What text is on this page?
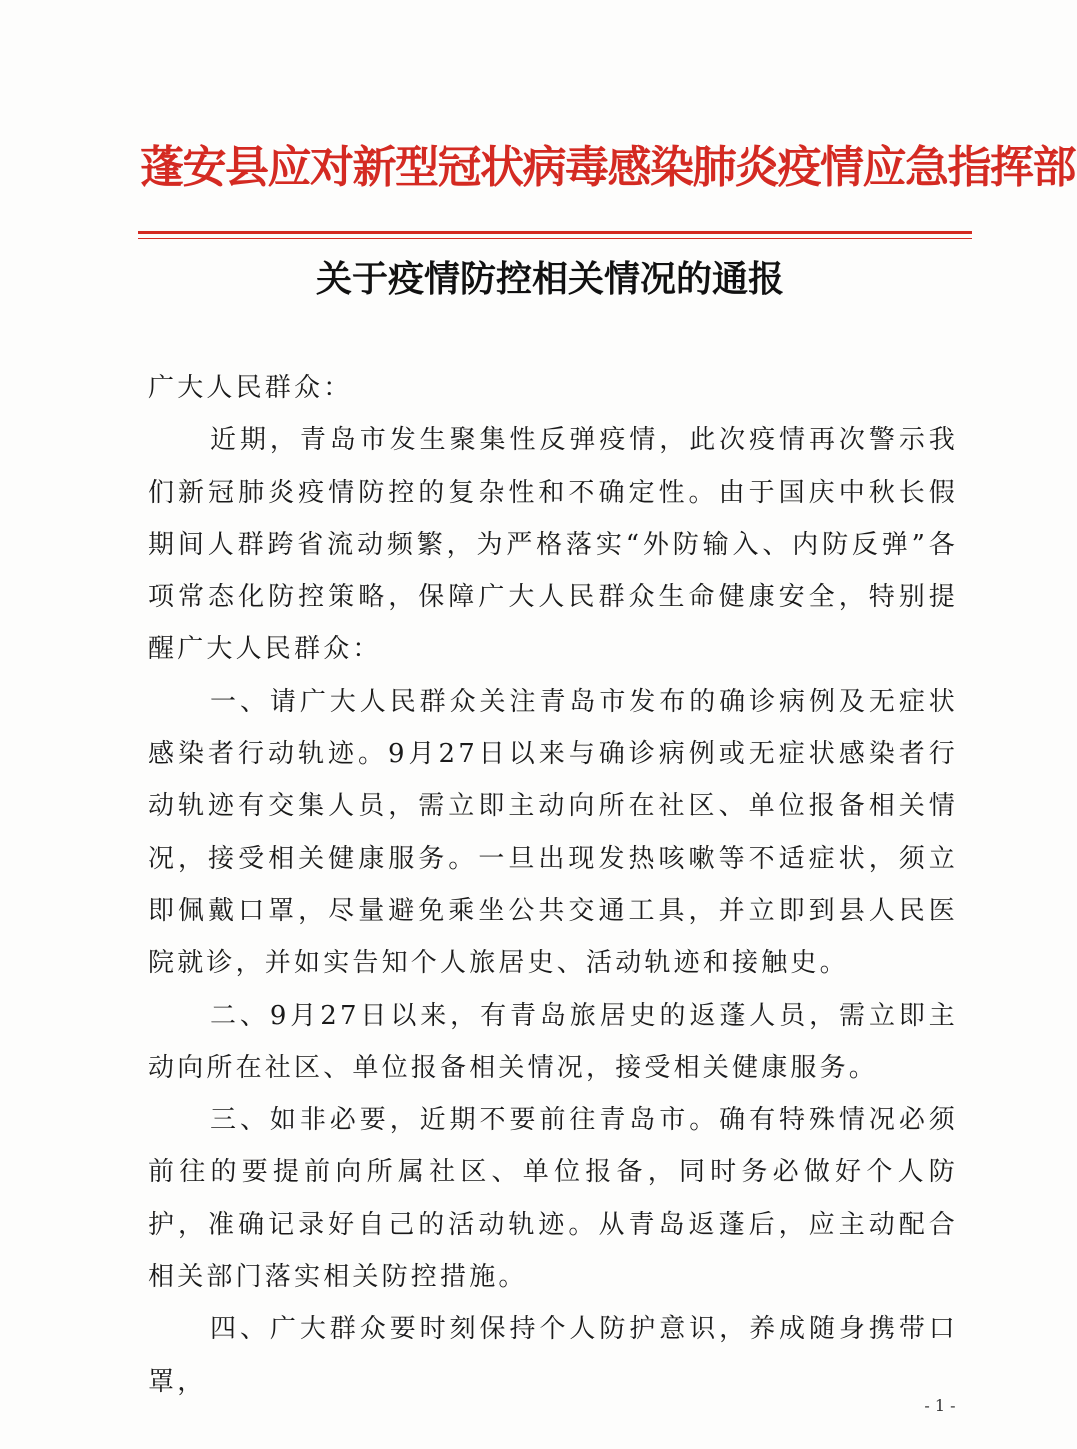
蓬安县应对新型冠状病毒感染肺炎疫情应急指挥部
关于疫情防控相关情况的通报

广大人民群众：

近期，青岛市发生聚集性反弹疫情，此次疫情再次警示我们新冠肺炎疫情防控的复杂性和不确定性。由于国庆中秋长假期间人群跨省流动频繁，为严格落实“外防输入、内防反弹”各项常态化防控策略，保障广大人民群众生命健康安全，特别提醒广大人民群众：

一、请广大人民群众关注青岛市发布的确诊病例及无症状感染者行动轨迹。9月27日以来与确诊病例或无症状感染者行动轨迹有交集人员，需立即主动向所在社区、单位报备相关情况，接受相关健康服务。一旦出现发热咳嗽等不适症状，须立即佩戴口罩，尽量避免乘坐公共交通工具，并立即到县人民医院就诊，并如实告知个人旅居史、活动轨迹和接触史。

二、9月27日以来，有青岛旅居史的返蓬人员，需立即主动向所在社区、单位报备相关情况，接受相关健康服务。

三、如非必要，近期不要前往青岛市。确有特殊情况必须前往的要提前向所属社区、单位报备，同时务必做好个人防护，准确记录好自己的活动轨迹。从青岛返蓬后，应主动配合相关部门落实相关防控措施。

四、广大群众要时刻保持个人防护意识，养成随身携带口罩，

- 1 -
